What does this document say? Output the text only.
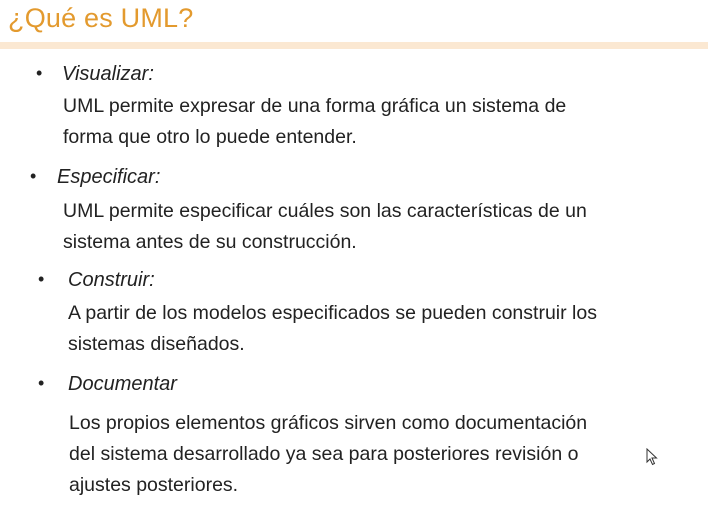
¿Qué es UML?
• Visualizar:
UML permite expresar de una forma gráfica un sistema de
forma que otro lo puede entender.
• Especificar:
UML permite especificar cuáles son las características de un
sistema antes de su construcción.
• Construir:
A partir de los modelos especificados se pueden construir los
sistemas diseñados.
• Documentar
Los propios elementos gráficos sirven como documentación
del sistema desarrollado ya sea para posteriores revisión o
ajustes posteriores.
